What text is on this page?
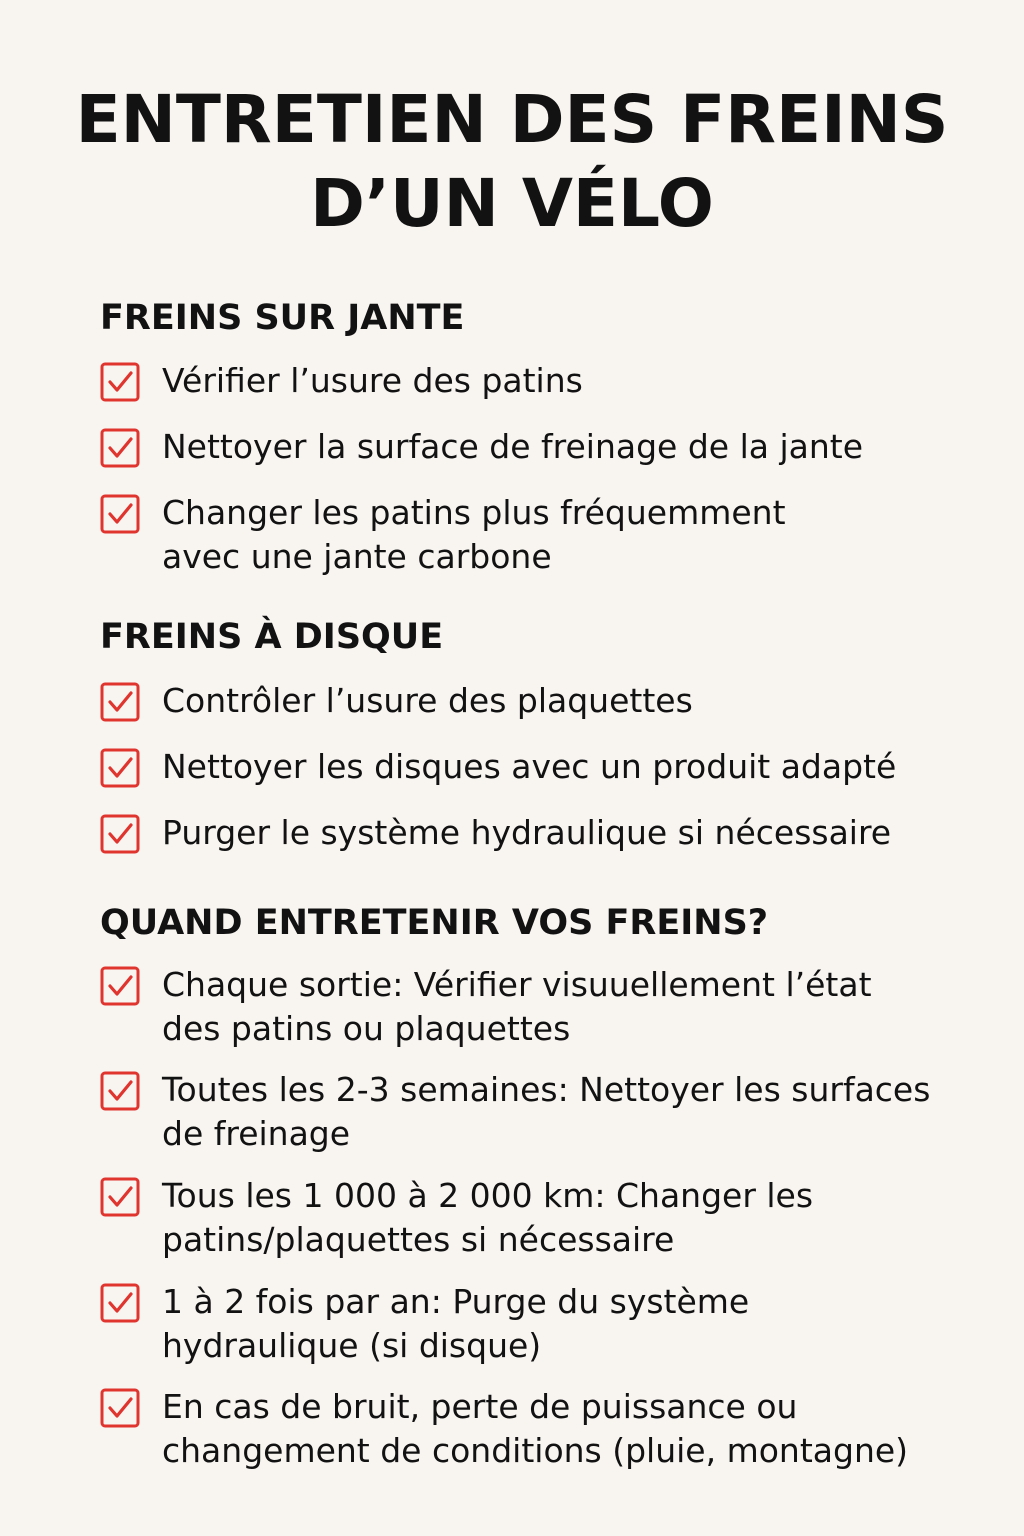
ENTRETIEN DES FREINS
D’UN VÉLO
FREINS SUR JANTE
Vérifier l’usure des patins
Nettoyer la surface de freinage de la jante
Changer les patins plus fréquemment
avec une jante carbone
FREINS À DISQUE
Contrôler l’usure des plaquettes
Nettoyer les disques avec un produit adapté
Purger le système hydraulique si nécessaire
QUAND ENTRETENIR VOS FREINS?
Chaque sortie: Vérifier visuuellement l’état
des patins ou plaquettes
Toutes les 2-3 semaines: Nettoyer les surfaces
de freinage
Tous les 1 000 à 2 000 km: Changer les
patins/plaquettes si nécessaire
1 à 2 fois par an: Purge du système
hydraulique (si disque)
En cas de bruit, perte de puissance ou
changement de conditions (pluie, montagne)
